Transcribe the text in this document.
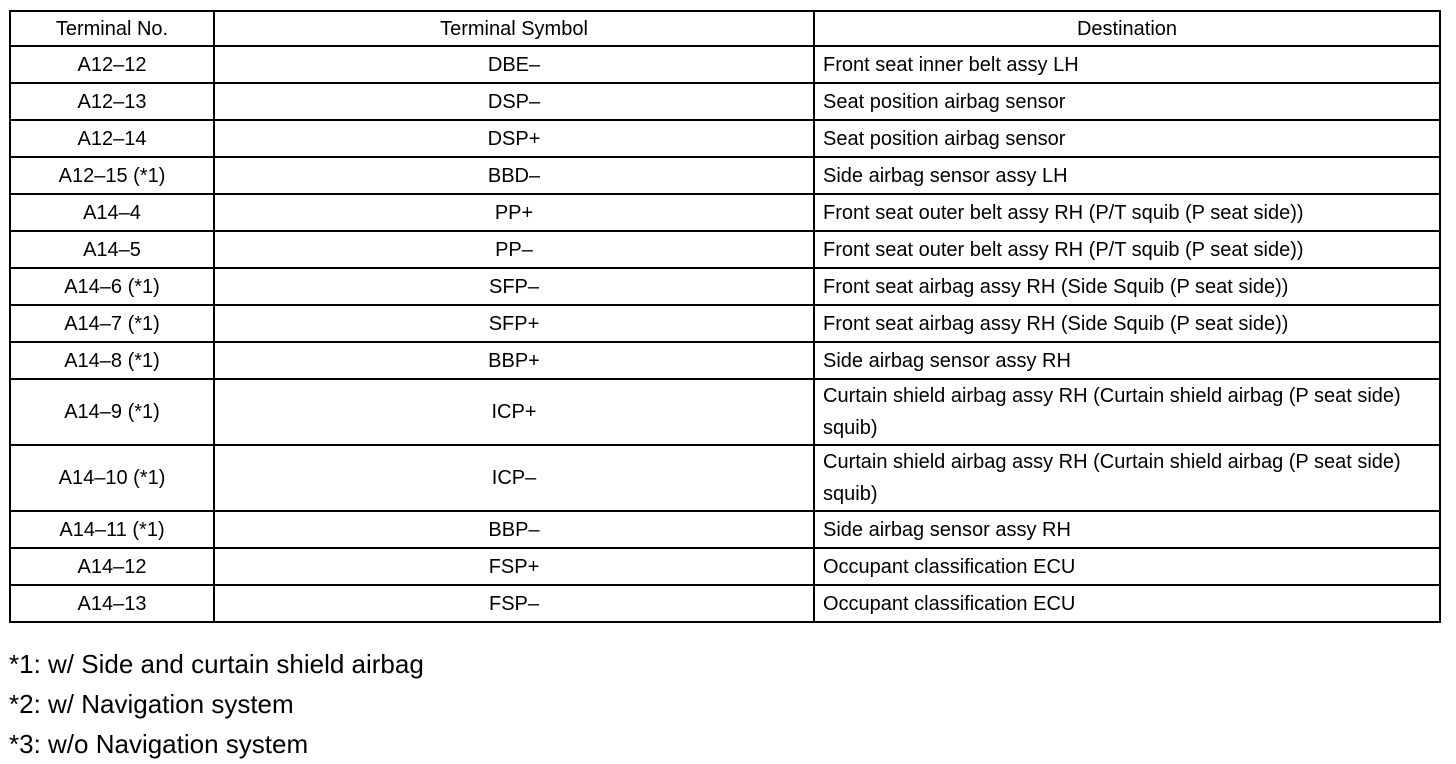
Terminal No.	Terminal Symbol	Destination
A12–12	DBE–	Front seat inner belt assy LH
A12–13	DSP–	Seat position airbag sensor
A12–14	DSP+	Seat position airbag sensor
A12–15 (*1)	BBD–	Side airbag sensor assy LH
A14–4	PP+	Front seat outer belt assy RH (P/T squib (P seat side))
A14–5	PP–	Front seat outer belt assy RH (P/T squib (P seat side))
A14–6 (*1)	SFP–	Front seat airbag assy RH (Side Squib (P seat side))
A14–7 (*1)	SFP+	Front seat airbag assy RH (Side Squib (P seat side))
A14–8 (*1)	BBP+	Side airbag sensor assy RH
A14–9 (*1)	ICP+	Curtain shield airbag assy RH (Curtain shield airbag (P seat side) squib)
A14–10 (*1)	ICP–	Curtain shield airbag assy RH (Curtain shield airbag (P seat side) squib)
A14–11 (*1)	BBP–	Side airbag sensor assy RH
A14–12	FSP+	Occupant classification ECU
A14–13	FSP–	Occupant classification ECU
*1: w/ Side and curtain shield airbag
*2: w/ Navigation system
*3: w/o Navigation system
